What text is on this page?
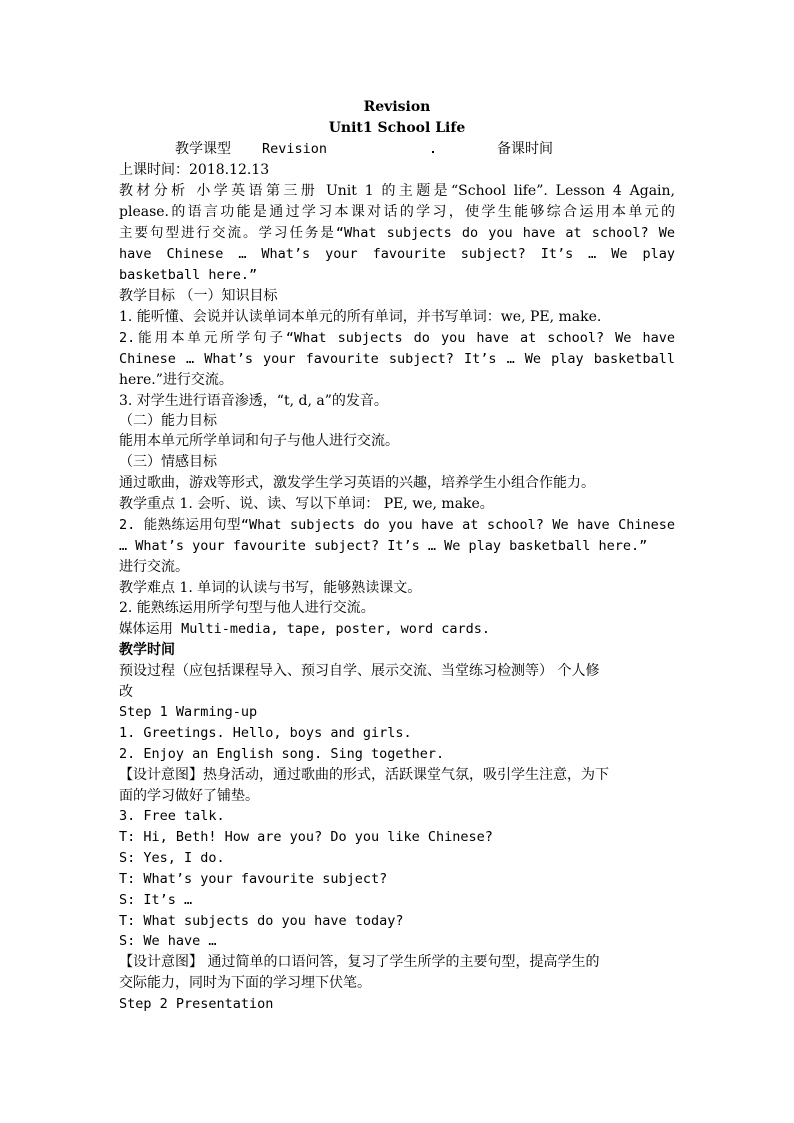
Revision
Unit1 School Life
教学课型 Revision	备课时间
上课时间：2018.12.13
教材分析 小学英语第三册 Unit 1 的主题是“School life”. Lesson 4 Again,
please.的语言功能是通过学习本课对话的学习，使学生能够综合运用本单元的
主要句型进行交流。学习任务是“What subjects do you have at school? We
have Chinese … What’s your favourite subject? It’s … We play
basketball here.”
教学目标 （一）知识目标
1. 能听懂、会说并认读单词本单元的所有单词，并书写单词：we, PE, make.
2.能用本单元所学句子“What subjects do you have at school? We have
Chinese … What’s your favourite subject? It’s … We play basketball
here.”进行交流。
3. 对学生进行语音渗透，“t, d, a”的发音。
（二）能力目标
能用本单元所学单词和句子与他人进行交流。
（三）情感目标
通过歌曲，游戏等形式，激发学生学习英语的兴趣，培养学生小组合作能力。
教学重点 1. 会听、说、读、写以下单词： PE, we, make。
2. 能熟练运用句型“What subjects do you have at school? We have Chinese
… What’s your favourite subject? It’s … We play basketball here.”
进行交流。
教学难点 1. 单词的认读与书写，能够熟读课文。
2. 能熟练运用所学句型与他人进行交流。
媒体运用 Multi-media, tape, poster, word cards.
教学时间
预设过程（应包括课程导入、预习自学、展示交流、当堂练习检测等） 个人修
改
Step 1 Warming-up
1. Greetings. Hello, boys and girls.
2. Enjoy an English song. Sing together.
【设计意图】热身活动，通过歌曲的形式，活跃课堂气氛，吸引学生注意，为下
面的学习做好了铺垫。
3. Free talk.
T: Hi, Beth! How are you? Do you like Chinese?
S: Yes, I do.
T: What’s your favourite subject?
S: It’s …
T: What subjects do you have today?
S: We have …
【设计意图】 通过简单的口语问答，复习了学生所学的主要句型，提高学生的
交际能力，同时为下面的学习埋下伏笔。
Step 2 Presentation
